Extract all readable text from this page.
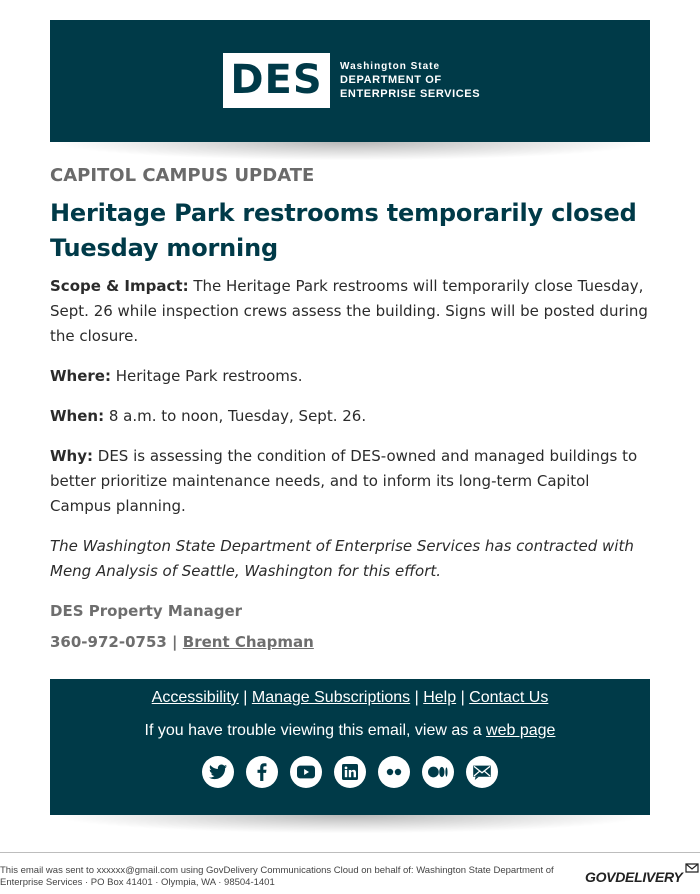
DES	Washington State
DEPARTMENT OF
ENTERPRISE SERVICES
CAPITOL CAMPUS UPDATE
Heritage Park restrooms temporarily closed Tuesday morning

Scope & Impact: The Heritage Park restrooms will temporarily close Tuesday, Sept. 26 while inspection crews assess the building. Signs will be posted during the closure.

Where: Heritage Park restrooms.

When: 8 a.m. to noon, Tuesday, Sept. 26.

Why: DES is assessing the condition of DES-owned and managed buildings to better prioritize maintenance needs, and to inform its long-term Capitol Campus planning.

The Washington State Department of Enterprise Services has contracted with Meng Analysis of Seattle, Washington for this effort.

DES Property Manager
360-972-0753 | Brent Chapman
Accessibility | Manage Subscriptions | Help | Contact Us
If you have trouble viewing this email, view as a web page
This email was sent to xxxxxx@gmail.com using GovDelivery Communications Cloud on behalf of: Washington State Department of Enterprise Services · PO Box 41401 · Olympia, WA · 98504-1401	GOVDELIVERY
